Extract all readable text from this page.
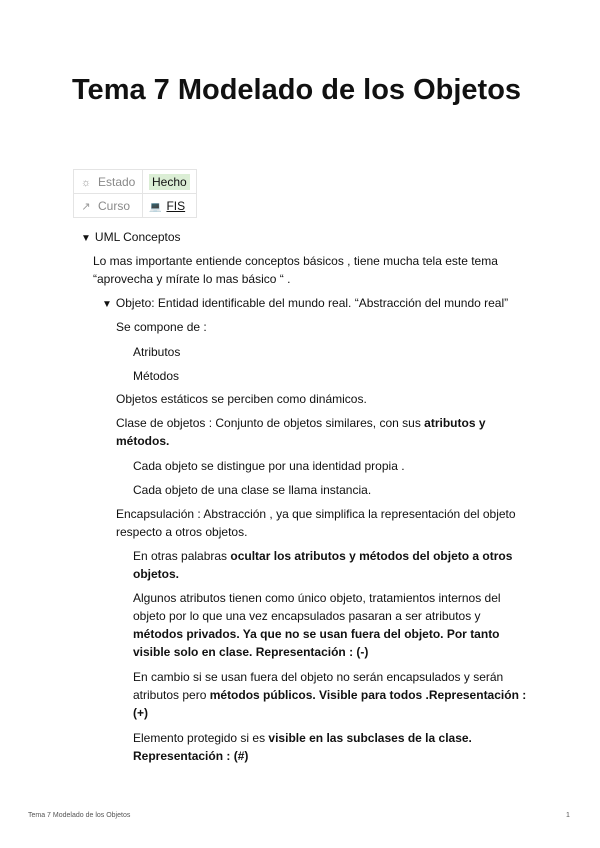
Tema 7 Modelado de los Objetos
☼ Estado	Hecho
↗ Curso	💻 FIS
▼ UML Conceptos

Lo mas importante entiende conceptos básicos , tiene mucha tela este tema “aprovecha y mírate lo mas básico “ .

▼ Objeto: Entidad identificable del mundo real. “Abstracción del mundo real”

Se compone de :

Atributos

Métodos

Objetos estáticos se perciben como dinámicos.

Clase de objetos : Conjunto de objetos similares, con sus atributos y métodos.

Cada objeto se distingue por una identidad propia .

Cada objeto de una clase se llama instancia.

Encapsulación : Abstracción , ya que simplifica la representación del objeto respecto a otros objetos.

En otras palabras ocultar los atributos y métodos del objeto a otros objetos.

Algunos atributos tienen como único objeto, tratamientos internos del objeto por lo que una vez encapsulados pasaran a ser atributos y métodos privados. Ya que no se usan fuera del objeto. Por tanto visible solo en clase. Representación : (-)

En cambio si se usan fuera del objeto no serán encapsulados y serán atributos pero métodos públicos. Visible para todos .Representación : (+)

Elemento protegido si es visible en las subclases de la clase. Representación : (#)

Tema 7 Modelado de los Objetos	1
